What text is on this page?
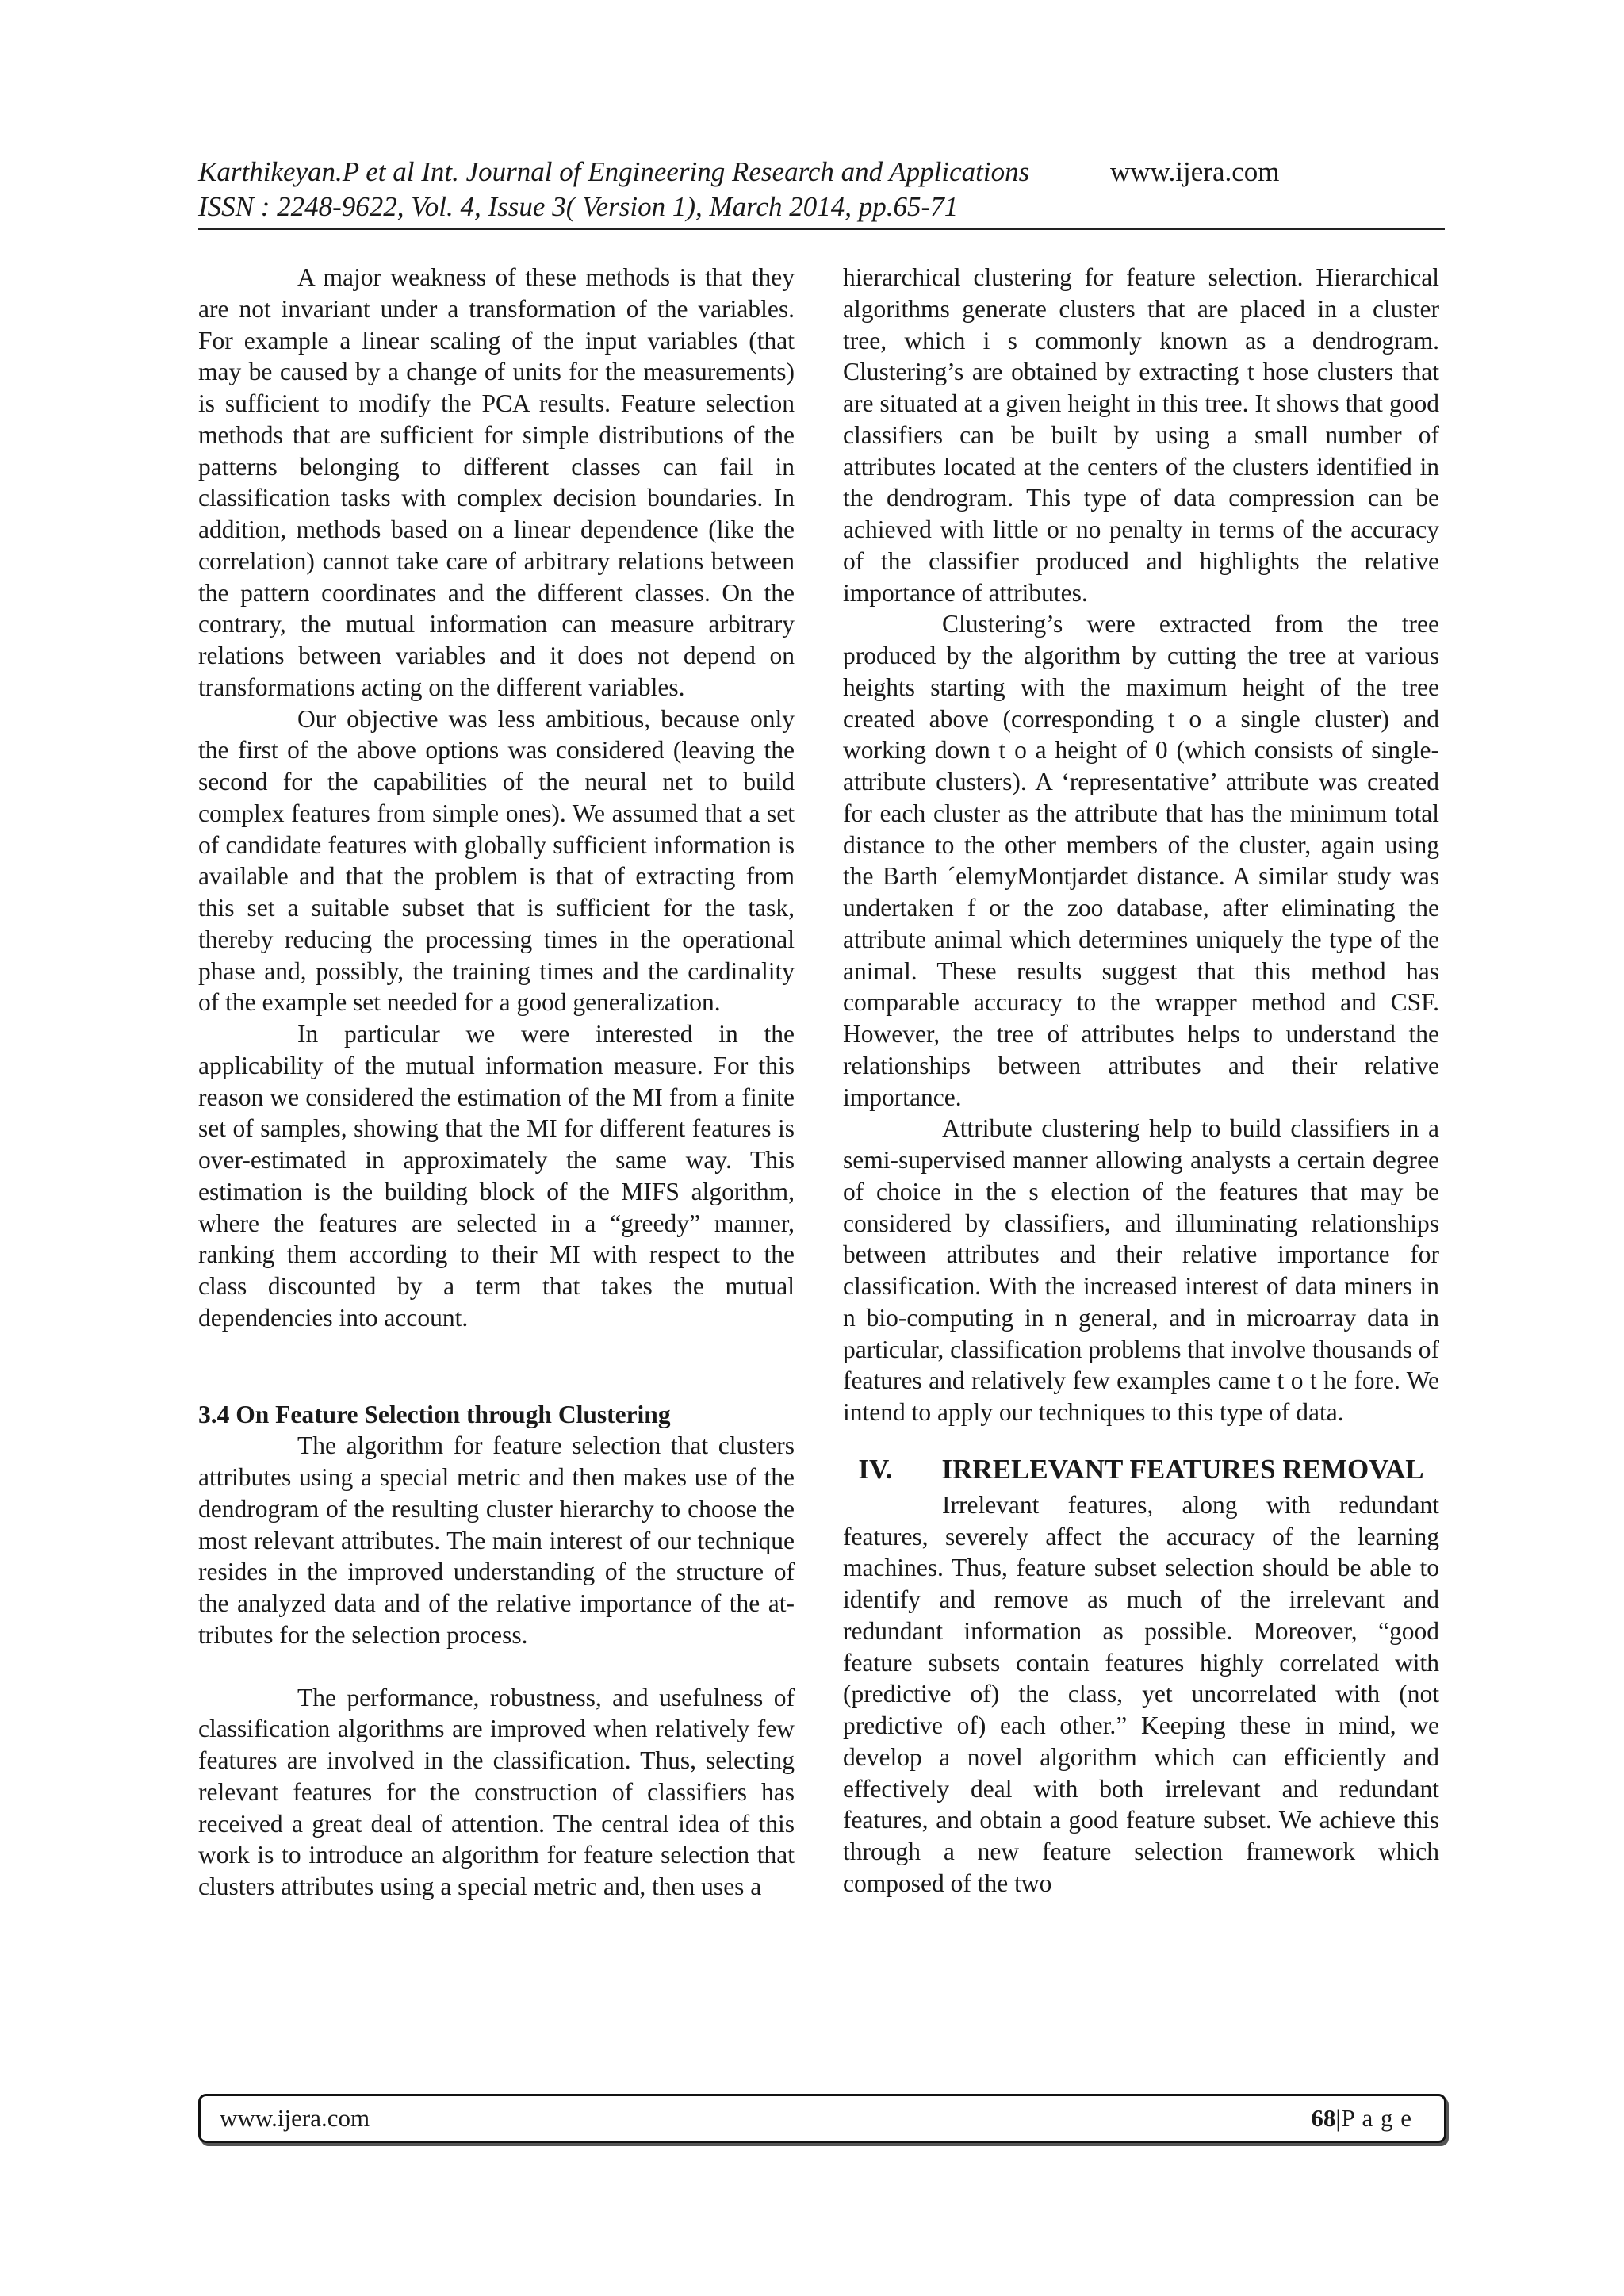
Karthikeyan.P et al Int. Journal of Engineering Research and Applications	www.ijera.com
ISSN : 2248-9622, Vol. 4, Issue 3( Version 1), March 2014, pp.65-71

A major weakness of these methods is that they are not invariant under a transformation of the variables. For example a linear scaling of the input variables (that may be caused by a change of units for the measurements) is sufficient to modify the PCA results. Feature selection methods that are sufficient for simple distributions of the patterns belonging to different classes can fail in classification tasks with complex decision boundaries. In addition, methods based on a linear dependence (like the correlation) cannot take care of arbitrary relations between the pattern coordinates and the different classes. On the contrary, the mutual information can measure arbitrary relations between variables and it does not depend on transformations acting on the different variables.

Our objective was less ambitious, because only the first of the above options was considered (leaving the second for the capabilities of the neural net to build complex features from simple ones). We assumed that a set of candidate features with globally sufficient information is available and that the problem is that of extracting from this set a suitable subset that is sufficient for the task, thereby reducing the processing times in the operational phase and, possibly, the training times and the cardinality of the example set needed for a good generalization.

In particular we were interested in the applicability of the mutual information measure. For this reason we considered the estimation of the MI from a finite set of samples, showing that the MI for different features is over-estimated in approximately the same way. This estimation is the building block of the MIFS algorithm, where the features are selected in a “greedy” manner, ranking them according to their MI with respect to the class discounted by a term that takes the mutual dependencies into account.

3.4 On Feature Selection through Clustering

The algorithm for feature selection that clusters attributes using a special metric and then makes use of the dendrogram of the resulting cluster hierarchy to choose the most relevant attributes. The main interest of our technique resides in the improved understanding of the structure of the analyzed data and of the relative importance of the at-tributes for the selection process.

The performance, robustness, and usefulness of classification algorithms are improved when relatively few features are involved in the classification. Thus, selecting relevant features for the construction of classifiers has received a great deal of attention. The central idea of this work is to introduce an algorithm for feature selection that clusters attributes using a special metric and, then uses a

hierarchical clustering for feature selection. Hierarchical algorithms generate clusters that are placed in a cluster tree, which i s commonly known as a dendrogram. Clustering’s are obtained by extracting t hose clusters that are situated at a given height in this tree. It shows that good classifiers can be built by using a small number of attributes located at the centers of the clusters identified in the dendrogram. This type of data compression can be achieved with little or no penalty in terms of the accuracy of the classifier produced and highlights the relative importance of attributes.

Clustering’s were extracted from the tree produced by the algorithm by cutting the tree at various heights starting with the maximum height of the tree created above (corresponding t o a single cluster) and working down t o a height of 0 (which consists of single-attribute clusters). A ‘representative’ attribute was created for each cluster as the attribute that has the minimum total distance to the other members of the cluster, again using the Barth ´elemyMontjardet distance. A similar study was undertaken f or the zoo database, after eliminating the attribute animal which determines uniquely the type of the animal. These results suggest that this method has comparable accuracy to the wrapper method and CSF. However, the tree of attributes helps to understand the relationships between attributes and their relative importance.

Attribute clustering help to build classifiers in a semi-supervised manner allowing analysts a certain degree of choice in the s election of the features that may be considered by classifiers, and illuminating relationships between attributes and their relative importance for classification. With the increased interest of data miners in n bio-computing in n general, and in microarray data in particular, classification problems that involve thousands of features and relatively few examples came t o t he fore. We intend to apply our techniques to this type of data.

IV. IRRELEVANT FEATURES REMOVAL

Irrelevant features, along with redundant features, severely affect the accuracy of the learning machines. Thus, feature subset selection should be able to identify and remove as much of the irrelevant and redundant information as possible. Moreover, “good feature subsets contain features highly correlated with (predictive of) the class, yet uncorrelated with (not predictive of) each other.” Keeping these in mind, we develop a novel algorithm which can efficiently and effectively deal with both irrelevant and redundant features, and obtain a good feature subset. We achieve this through a new feature selection framework which composed of the two

www.ijera.com	68|P a g e
